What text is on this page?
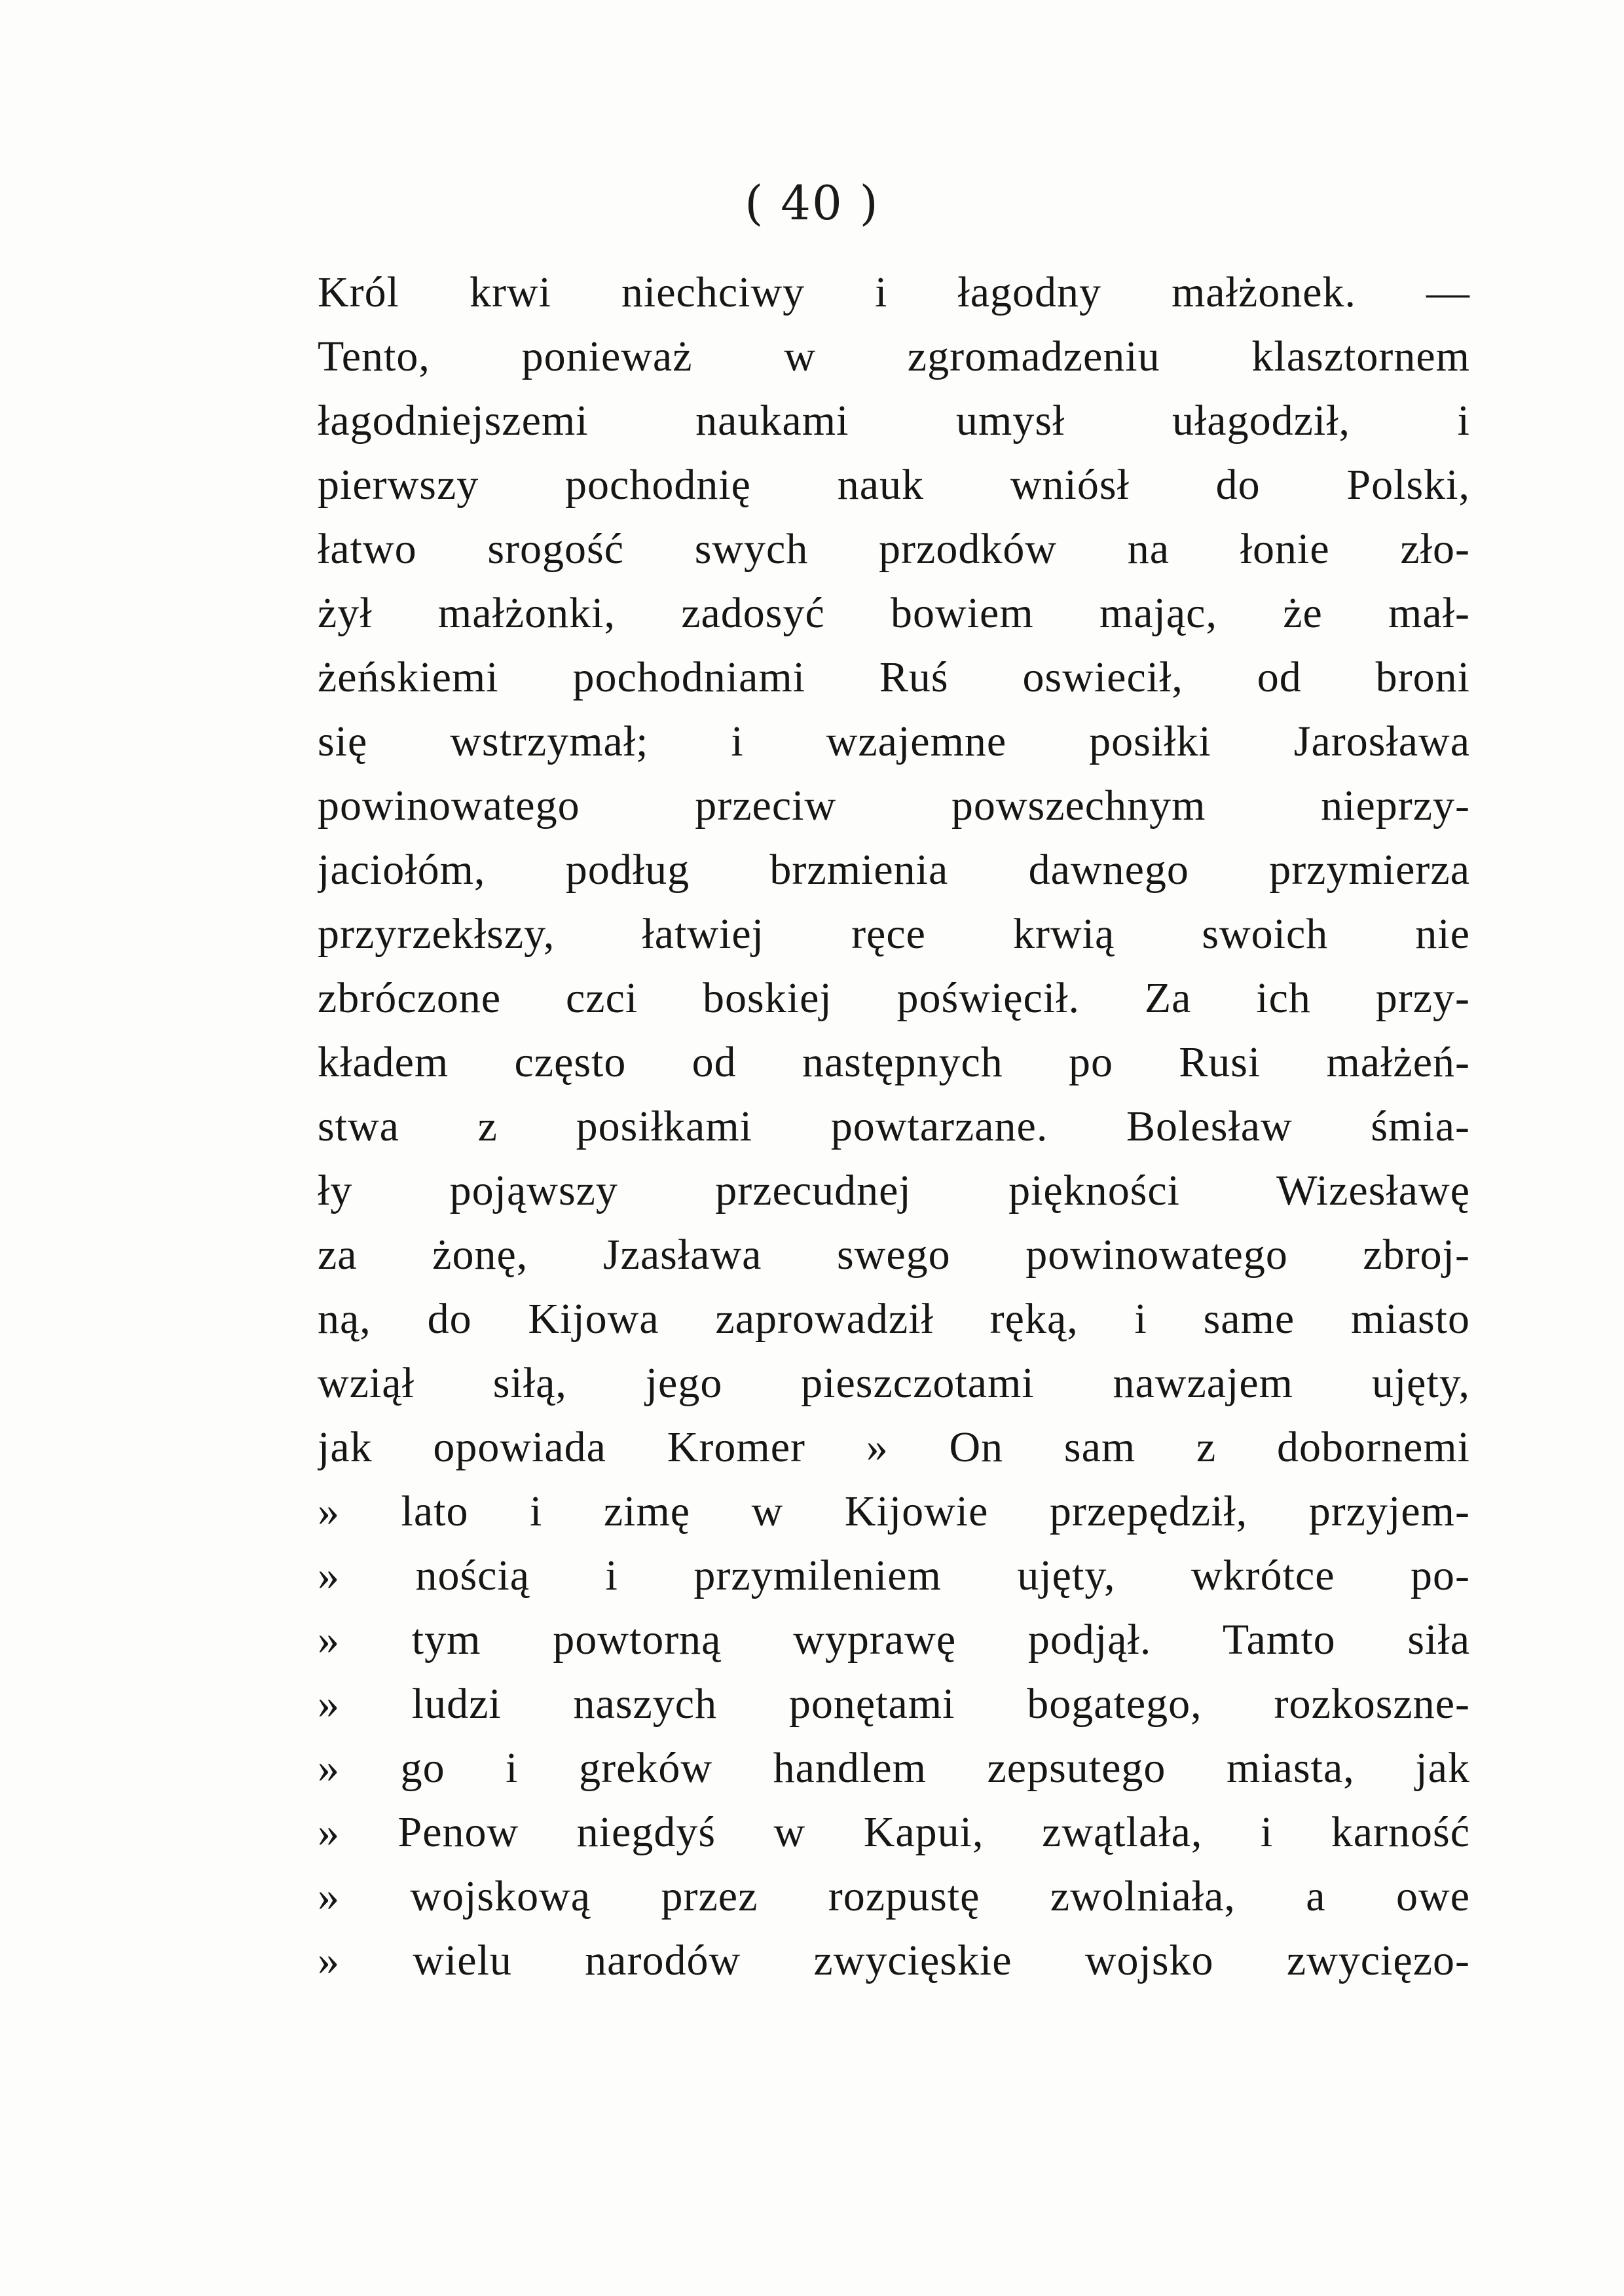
( 40 )
Król krwi niechciwy i łagodny małżonek. —
Tento, ponieważ w zgromadzeniu klasztornem
łagodniejszemi naukami umysł ułagodził, i
pierwszy pochodnię nauk wniósł do Polski,
łatwo srogość swych przodków na łonie zło-
żył małżonki, zadosyć bowiem mając, że mał-
żeńskiemi pochodniami Ruś oswiecił, od broni
się wstrzymał; i wzajemne posiłki Jarosława
powinowatego przeciw powszechnym nieprzy-
jaciołóm, podług brzmienia dawnego przymierza
przyrzekłszy, łatwiej ręce krwią swoich nie
zbróczone czci boskiej poświęcił. Za ich przy-
kładem często od następnych po Rusi małżeń-
stwa z posiłkami powtarzane. Bolesław śmia-
ły pojąwszy przecudnej piękności Wizesławę
za żonę, Jzasława swego powinowatego zbroj-
ną, do Kijowa zaprowadził ręką, i same miasto
wziął siłą, jego pieszczotami nawzajem ujęty,
jak opowiada Kromer » On sam z dobornemi
» lato i zimę w Kijowie przepędził, przyjem-
» nością i przymileniem ujęty, wkrótce po-
» tym powtorną wyprawę podjął. Tamto siła
» ludzi naszych ponętami bogatego, rozkoszne-
» go i greków handlem zepsutego miasta, jak
» Penow niegdyś w Kapui, zwątlała, i karność
» wojskową przez rozpustę zwolniała, a owe
» wielu narodów zwycięskie wojsko zwycięzo-
